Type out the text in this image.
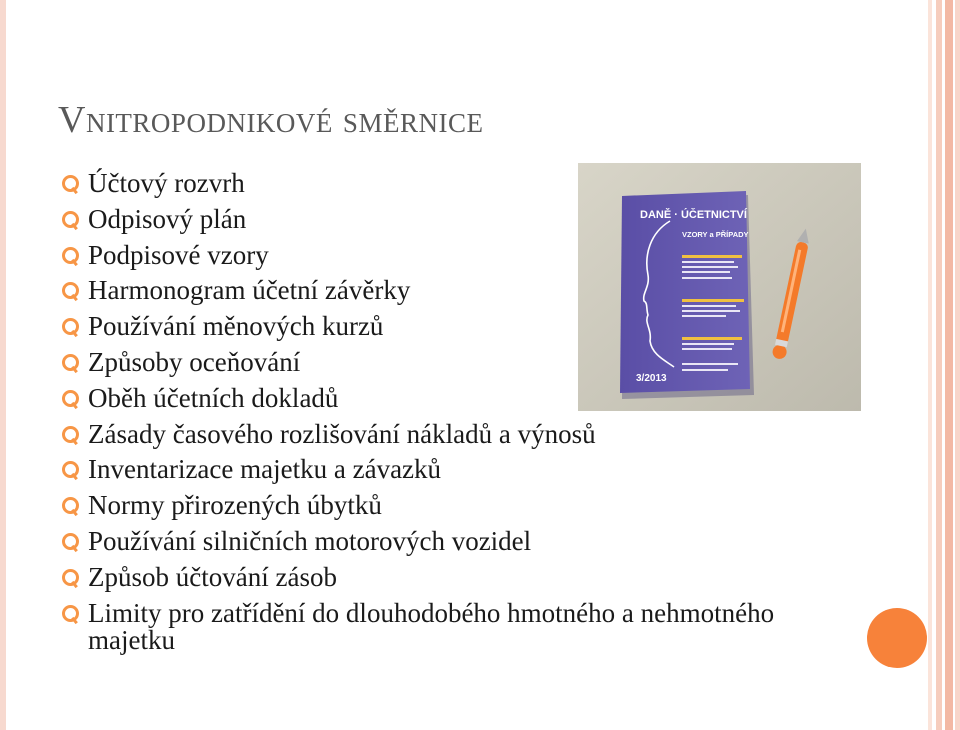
Vnitropodnikové směrnice
Účtový rozvrh
Odpisový plán
Podpisové vzory
Harmonogram účetní závěrky
Používání měnových kurzů
Způsoby oceňování
Oběh účetních dokladů
Zásady časového rozlišování nákladů a výnosů
Inventarizace majetku a závazků
Normy přirozených úbytků
Používání silničních motorových vozidel
Způsob účtování zásob
Limity pro zatřídění do dlouhodobého hmotného a nehmotného majetku
DANĚ · ÚČETNICTVÍ
VZORY a PŘÍPADY
3/2013
